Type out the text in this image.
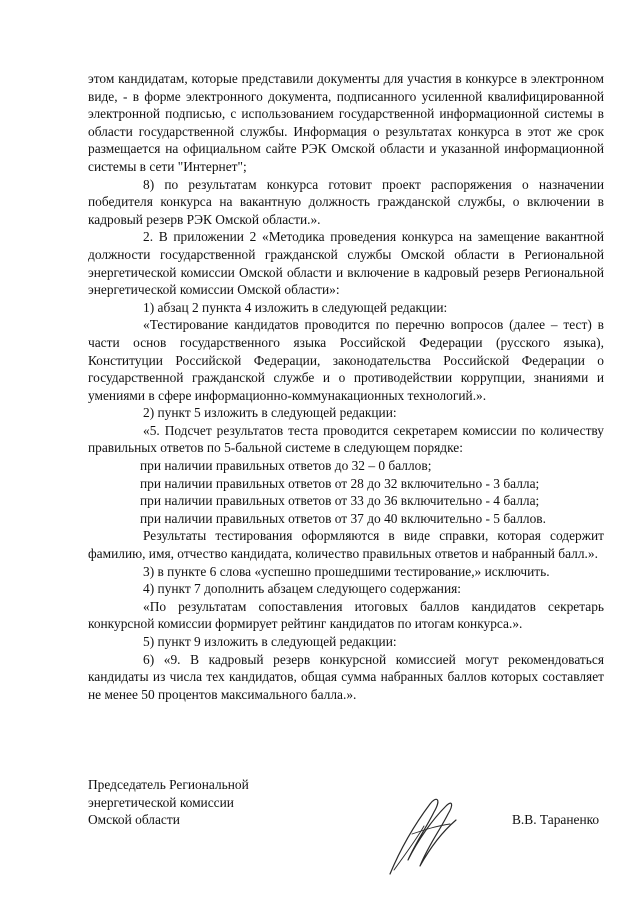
этом кандидатам, которые представили документы для участия в конкурсе в электронном виде, - в форме электронного документа, подписанного усиленной квалифицированной электронной подписью, с использованием государственной информационной системы в области государственной службы. Информация о результатах конкурса в этот же срок размещается на официальном сайте РЭК Омской области и указанной информационной системы в сети "Интернет";

8) по результатам конкурса готовит проект распоряжения о назначении победителя конкурса на вакантную должность гражданской службы, о включении в кадровый резерв РЭК Омской области.».

2. В приложении 2 «Методика проведения конкурса на замещение вакантной должности государственной гражданской службы Омской области в Региональной энергетической комиссии Омской области и включение в кадровый резерв Региональной энергетической комиссии Омской области»:

1) абзац 2 пункта 4 изложить в следующей редакции:

«Тестирование кандидатов проводится по перечню вопросов (далее – тест) в части основ государственного языка Российской Федерации (русского языка), Конституции Российской Федерации, законодательства Российской Федерации о государственной гражданской службе и о противодействии коррупции, знаниями и умениями в сфере информационно-коммунакационных технологий.».

2) пункт 5 изложить в следующей редакции:

«5. Подсчет результатов теста проводится секретарем комиссии по количеству правильных ответов по 5-бальной системе в следующем порядке:

при наличии правильных ответов до 32 – 0 баллов;

при наличии правильных ответов от 28 до 32 включительно - 3 балла;

при наличии правильных ответов от 33 до 36 включительно - 4 балла;

при наличии правильных ответов от 37 до 40 включительно - 5 баллов.

Результаты тестирования оформляются в виде справки, которая содержит фамилию, имя, отчество кандидата, количество правильных ответов и набранный балл.».

3) в пункте 6 слова «успешно прошедшими тестирование,» исключить.

4) пункт 7 дополнить абзацем следующего содержания:

«По результатам сопоставления итоговых баллов кандидатов секретарь конкурсной комиссии формирует рейтинг кандидатов по итогам конкурса.».

5) пункт 9 изложить в следующей редакции:

6) «9. В кадровый резерв конкурсной комиссией могут рекомендоваться кандидаты из числа тех кандидатов, общая сумма набранных баллов которых составляет не менее 50 процентов максимального балла.».

Председатель Региональной
энергетической комиссии
Омской области	В.В. Тараненко
